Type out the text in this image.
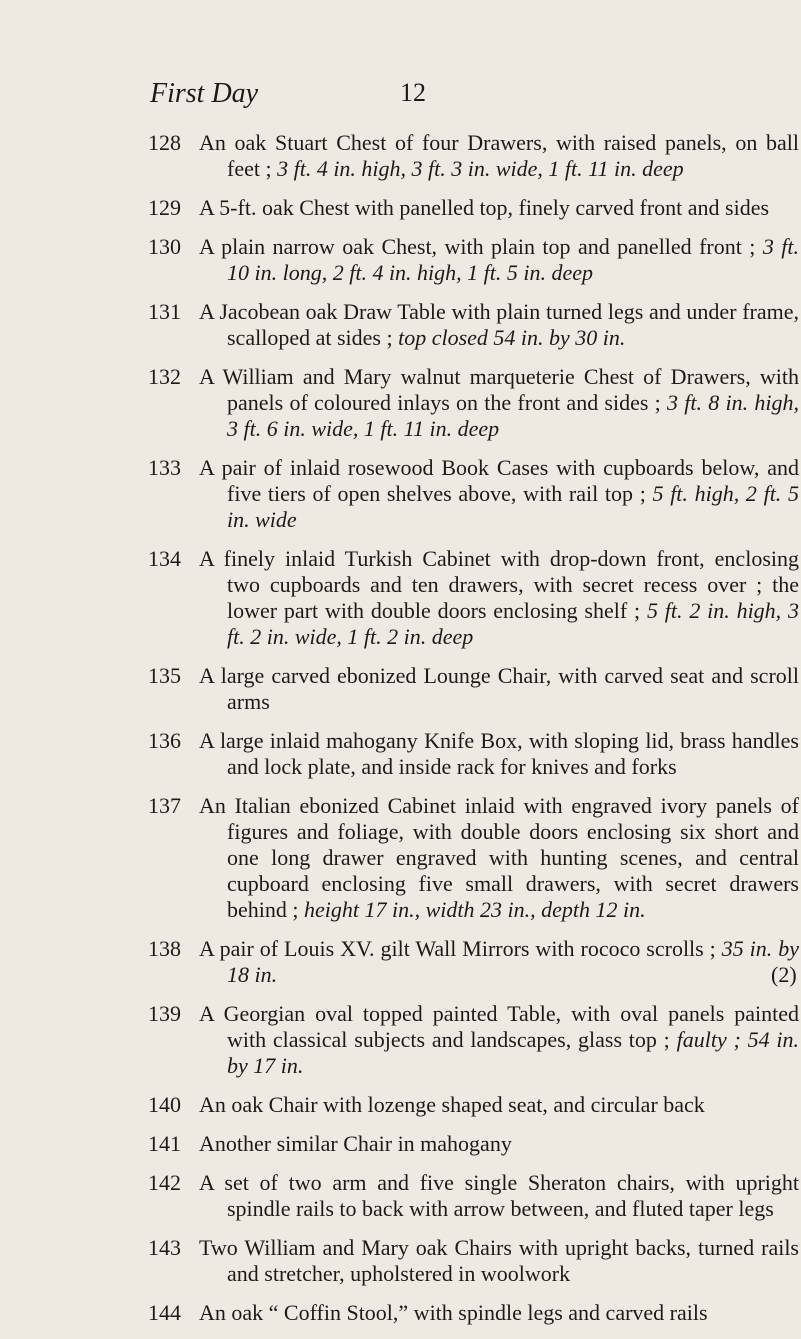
First Day	12
128 An oak Stuart Chest of four Drawers, with raised panels, on ball feet ; 3 ft. 4 in. high, 3 ft. 3 in. wide, 1 ft. 11 in. deep
129 A 5-ft. oak Chest with panelled top, finely carved front and sides
130 A plain narrow oak Chest, with plain top and panelled front ; 3 ft. 10 in. long, 2 ft. 4 in. high, 1 ft. 5 in. deep
131 A Jacobean oak Draw Table with plain turned legs and under frame, scalloped at sides ; top closed 54 in. by 30 in.
132 A William and Mary walnut marqueterie Chest of Drawers, with panels of coloured inlays on the front and sides ; 3 ft. 8 in. high, 3 ft. 6 in. wide, 1 ft. 11 in. deep
133 A pair of inlaid rosewood Book Cases with cupboards below, and five tiers of open shelves above, with rail top ; 5 ft. high, 2 ft. 5 in. wide
134 A finely inlaid Turkish Cabinet with drop-down front, enclosing two cupboards and ten drawers, with secret recess over ; the lower part with double doors enclosing shelf ; 5 ft. 2 in. high, 3 ft. 2 in. wide, 1 ft. 2 in. deep
135 A large carved ebonized Lounge Chair, with carved seat and scroll arms
136 A large inlaid mahogany Knife Box, with sloping lid, brass handles and lock plate, and inside rack for knives and forks
137 An Italian ebonized Cabinet inlaid with engraved ivory panels of figures and foliage, with double doors enclosing six short and one long drawer engraved with hunting scenes, and central cupboard enclosing five small drawers, with secret drawers behind ; height 17 in., width 23 in., depth 12 in.
138 A pair of Louis XV. gilt Wall Mirrors with rococo scrolls ; 35 in. by 18 in.	(2)
139 A Georgian oval topped painted Table, with oval panels painted with classical subjects and landscapes, glass top ; faulty ; 54 in. by 17 in.
140 An oak Chair with lozenge shaped seat, and circular back
141 Another similar Chair in mahogany
142 A set of two arm and five single Sheraton chairs, with upright spindle rails to back with arrow between, and fluted taper legs
143 Two William and Mary oak Chairs with upright backs, turned rails and stretcher, upholstered in woolwork
144 An oak “ Coffin Stool,” with spindle legs and carved rails
